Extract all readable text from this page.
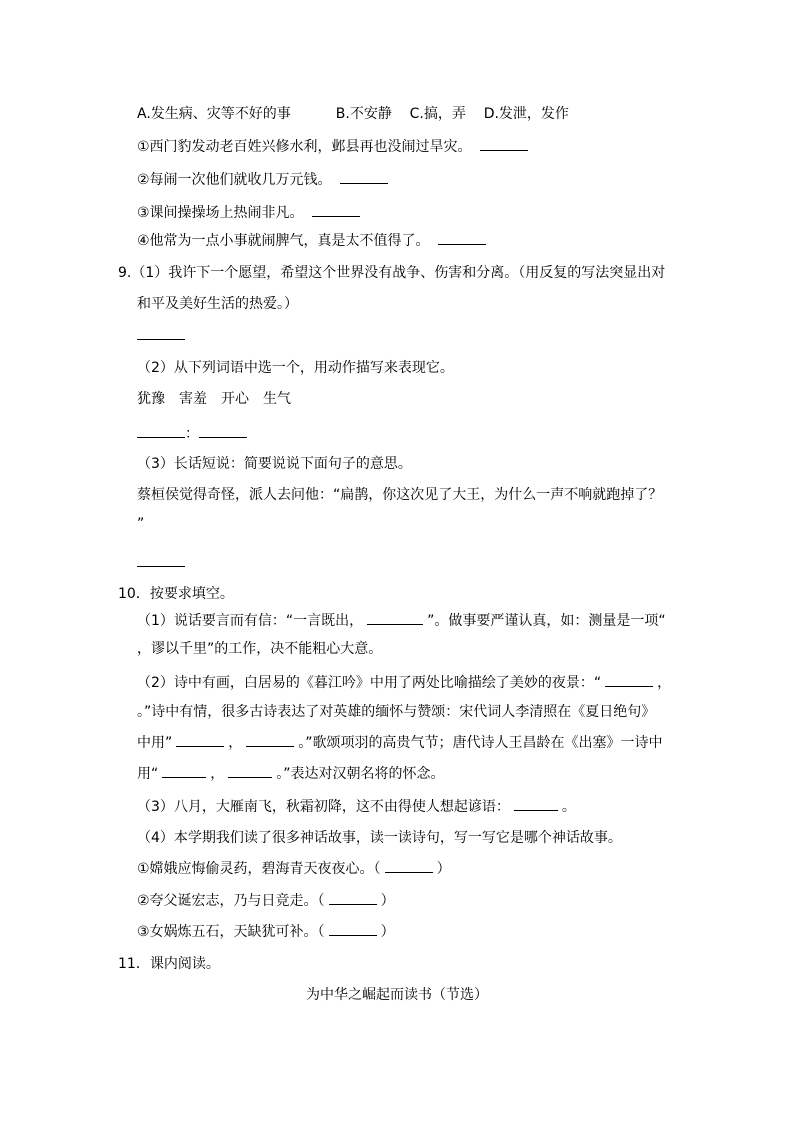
A.发生病、灾等不好的事	B.不安静 C.搞，弄 D.发泄，发作
①西门豹发动老百姓兴修水利，邺县再也没闹过旱灾。
②每闹一次他们就收几万元钱。
③课间操操场上热闹非凡。
④他常为一点小事就闹脾气，真是太不值得了。
9.（1）我许下一个愿望，希望这个世界没有战争、伤害和分离。（用反复的写法突显出对
和平及美好生活的热爱。）
（2）从下列词语中选一个，用动作描写来表现它。
犹豫　害羞　开心　生气
：
（3）长话短说：简要说说下面句子的意思。
蔡桓侯觉得奇怪，派人去问他：“扁鹊，你这次见了大王，为什么一声不响就跑掉了？
”
10．按要求填空。
（1）说话要言而有信：“一言既出，	”。做事要严谨认真，如：测量是一项“
，谬以千里”的工作，决不能粗心大意。
（2）诗中有画，白居易的《暮江吟》中用了两处比喻描绘了美妙的夜景：“	，
。”诗中有情，很多古诗表达了对英雄的缅怀与赞颂：宋代词人李清照在《夏日绝句》
中用”	，	。”歌颂项羽的高贵气节；唐代诗人王昌龄在《出塞》一诗中
用“	，	。”表达对汉朝名将的怀念。
（3）八月，大雁南飞，秋霜初降，这不由得使人想起谚语：	。
（4）本学期我们读了很多神话故事，读一读诗句，写一写它是哪个神话故事。
①嫦娥应悔偷灵药，碧海青天夜夜心。（	）
②夸父诞宏志，乃与日竞走。（	）
③女娲炼五石，天缺犹可补。（	）
11．课内阅读。
为中华之崛起而读书（节选）
